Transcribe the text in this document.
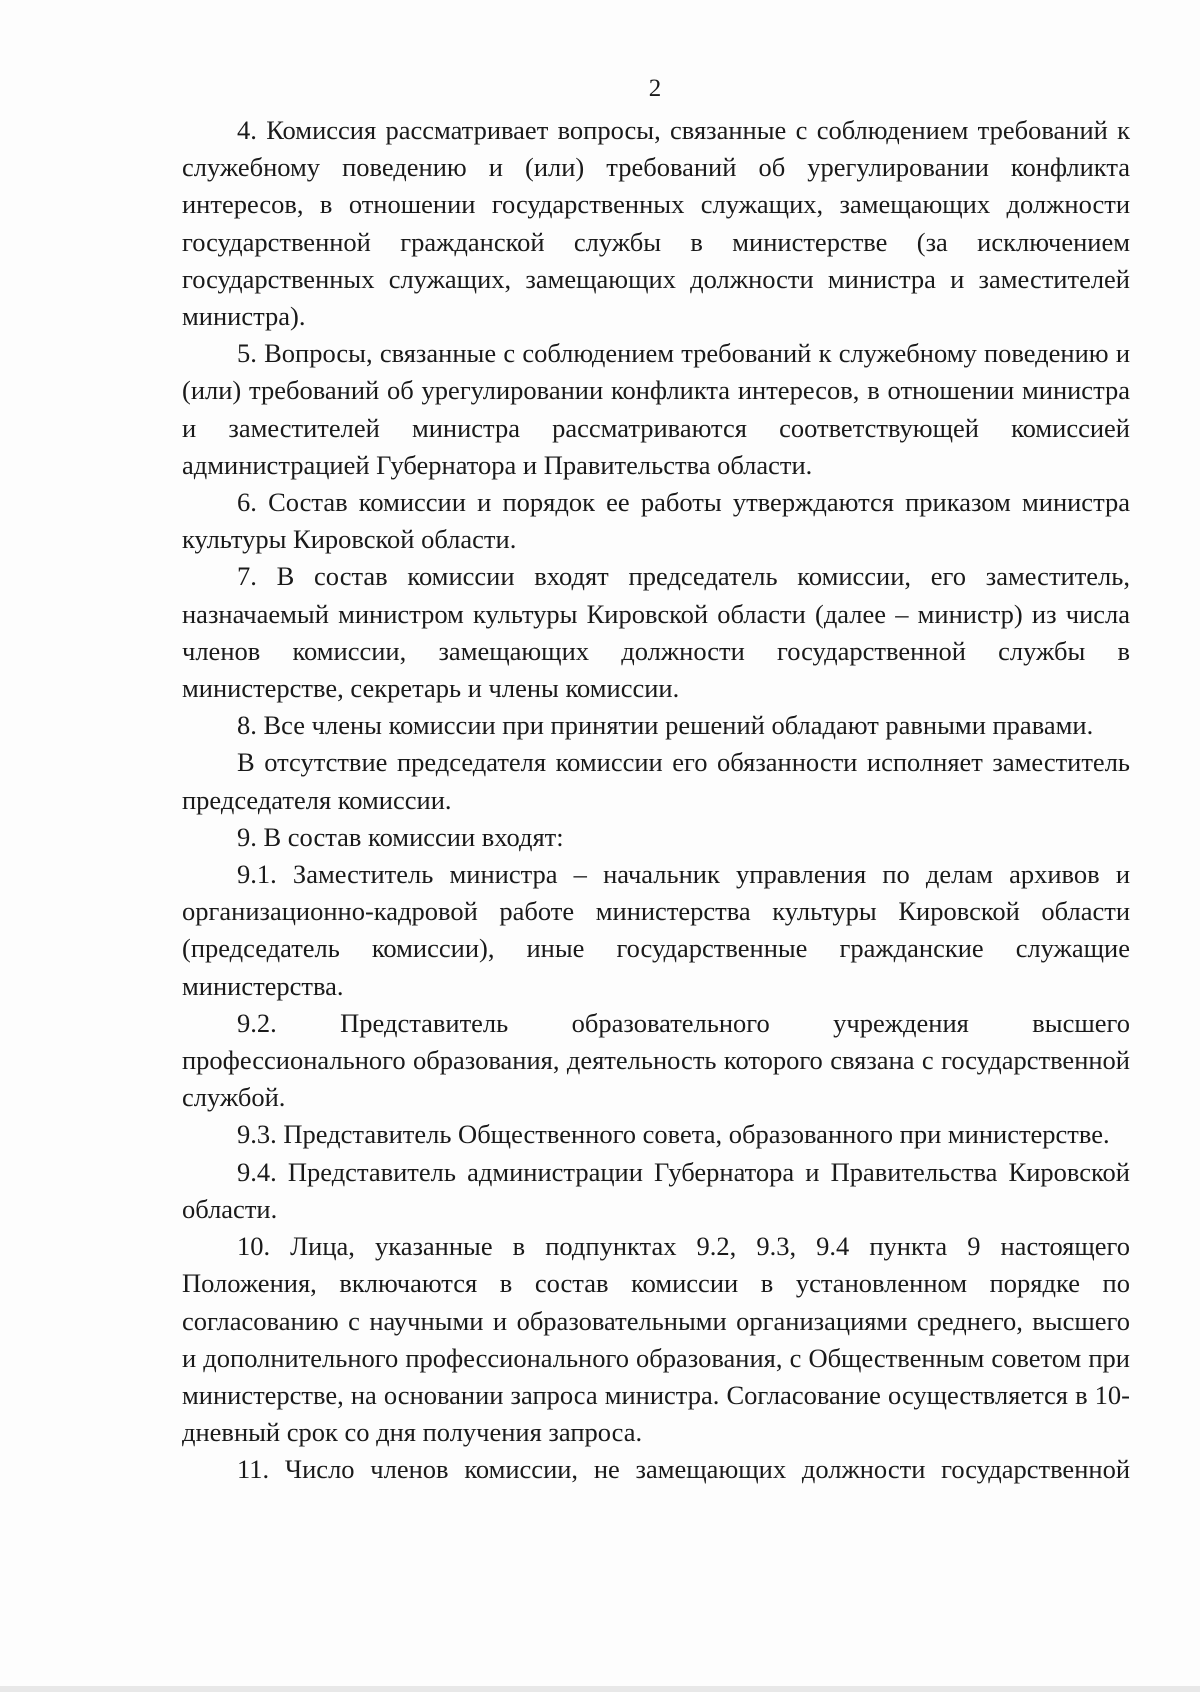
2

4. Комиссия рассматривает вопросы, связанные с соблюдением требований к служебному поведению и (или) требований об урегулировании конфликта интересов, в отношении государственных служащих, замещающих должности государственной гражданской службы в министерстве (за исключением государственных служащих, замещающих должности министра и заместителей министра).

5. Вопросы, связанные с соблюдением требований к служебному поведению и (или) требований об урегулировании конфликта интересов, в отношении министра и заместителей министра рассматриваются соответствующей комиссией администрацией Губернатора и Правительства области.

6. Состав комиссии и порядок ее работы утверждаются приказом министра культуры Кировской области.

7. В состав комиссии входят председатель комиссии, его заместитель, назначаемый министром культуры Кировской области (далее – министр) из числа членов комиссии, замещающих должности государственной службы в министерстве, секретарь и члены комиссии.

8. Все члены комиссии при принятии решений обладают равными правами.

В отсутствие председателя комиссии его обязанности исполняет заместитель председателя комиссии.

9. В состав комиссии входят:

9.1. Заместитель министра – начальник управления по делам архивов и организационно-кадровой работе министерства культуры Кировской области (председатель комиссии), иные государственные гражданские служащие министерства.

9.2. Представитель образовательного учреждения высшего профессионального образования, деятельность которого связана с государственной службой.

9.3. Представитель Общественного совета, образованного при министерстве.

9.4. Представитель администрации Губернатора и Правительства Кировской области.

10. Лица, указанные в подпунктах 9.2, 9.3, 9.4 пункта 9 настоящего Положения, включаются в состав комиссии в установленном порядке по согласованию с научными и образовательными организациями среднего, высшего и дополнительного профессионального образования, с Общественным советом при министерстве, на основании запроса министра. Согласование осуществляется в 10-дневный срок со дня получения запроса.

11. Число членов комиссии, не замещающих должности государственной
